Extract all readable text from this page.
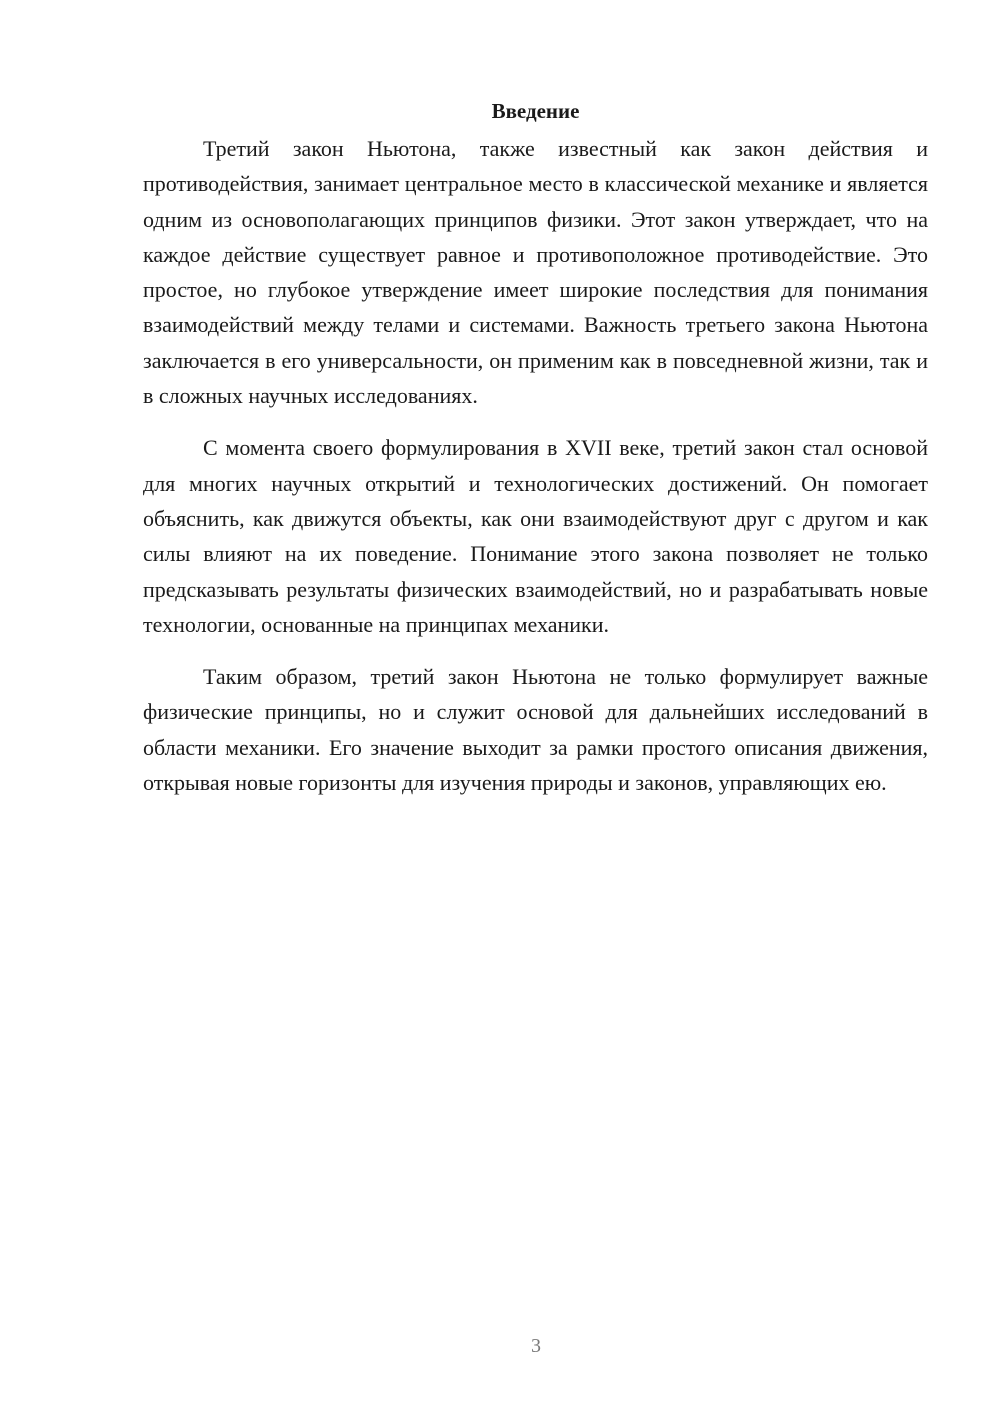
Введение

Третий закон Ньютона, также известный как закон действия и противодействия, занимает центральное место в классической механике и является одним из основополагающих принципов физики. Этот закон утверждает, что на каждое действие существует равное и противоположное противодействие. Это простое, но глубокое утверждение имеет широкие последствия для понимания взаимодействий между телами и системами. Важность третьего закона Ньютона заключается в его универсальности, он применим как в повседневной жизни, так и в сложных научных исследованиях.

С момента своего формулирования в XVII веке, третий закон стал основой для многих научных открытий и технологических достижений. Он помогает объяснить, как движутся объекты, как они взаимодействуют друг с другом и как силы влияют на их поведение. Понимание этого закона позволяет не только предсказывать результаты физических взаимодействий, но и разрабатывать новые технологии, основанные на принципах механики.

Таким образом, третий закон Ньютона не только формулирует важные физические принципы, но и служит основой для дальнейших исследований в области механики. Его значение выходит за рамки простого описания движения, открывая новые горизонты для изучения природы и законов, управляющих ею.

3
